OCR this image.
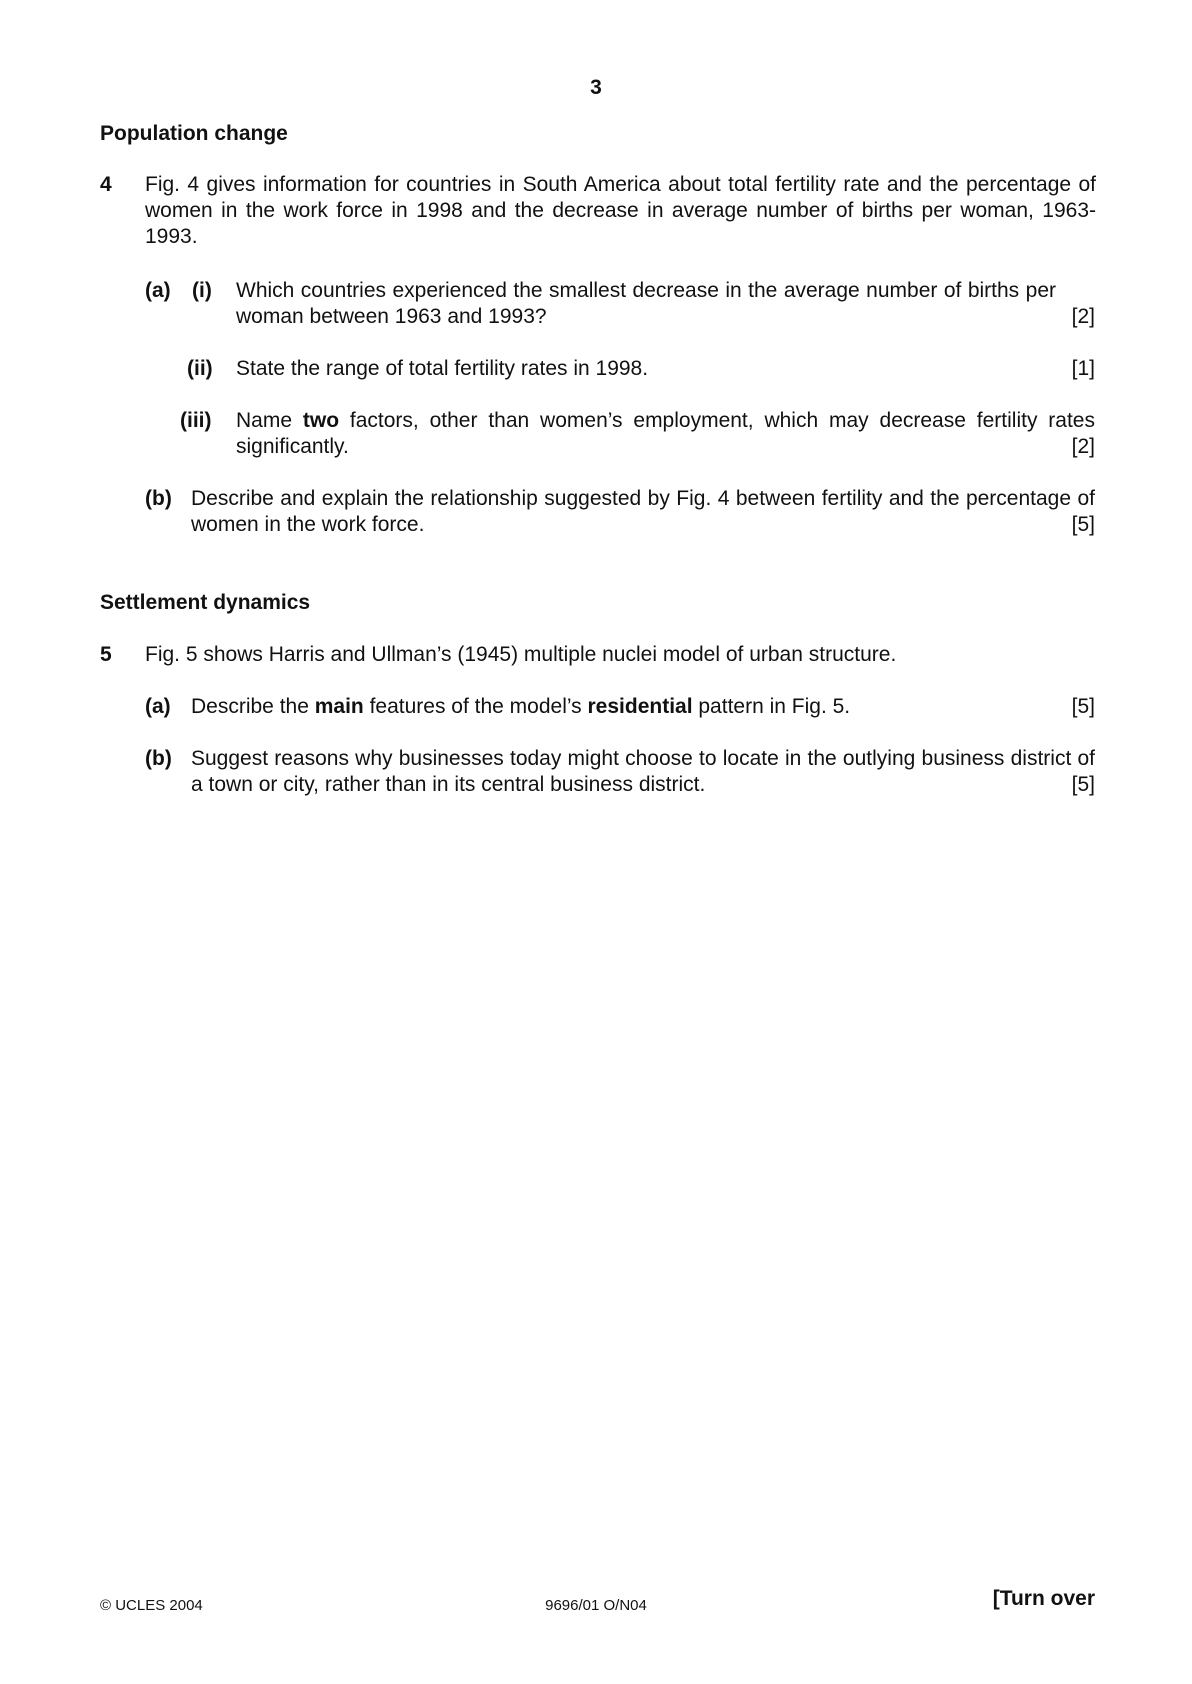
3
Population change
4 Fig. 4 gives information for countries in South America about total fertility rate and the percentage of women in the work force in 1998 and the decrease in average number of births per woman, 1963-1993.
(a) (i) Which countries experienced the smallest decrease in the average number of births per woman between 1963 and 1993?	[2]
(ii) State the range of total fertility rates in 1998.	[1]
(iii) Name two factors, other than women’s employment, which may decrease fertility rates significantly.	[2]
(b) Describe and explain the relationship suggested by Fig. 4 between fertility and the percentage of women in the work force.	[5]
Settlement dynamics
5 Fig. 5 shows Harris and Ullman’s (1945) multiple nuclei model of urban structure.
(a) Describe the main features of the model’s residential pattern in Fig. 5.	[5]
(b) Suggest reasons why businesses today might choose to locate in the outlying business district of a town or city, rather than in its central business district.	[5]
© UCLES 2004	9696/01 O/N04	[Turn over
